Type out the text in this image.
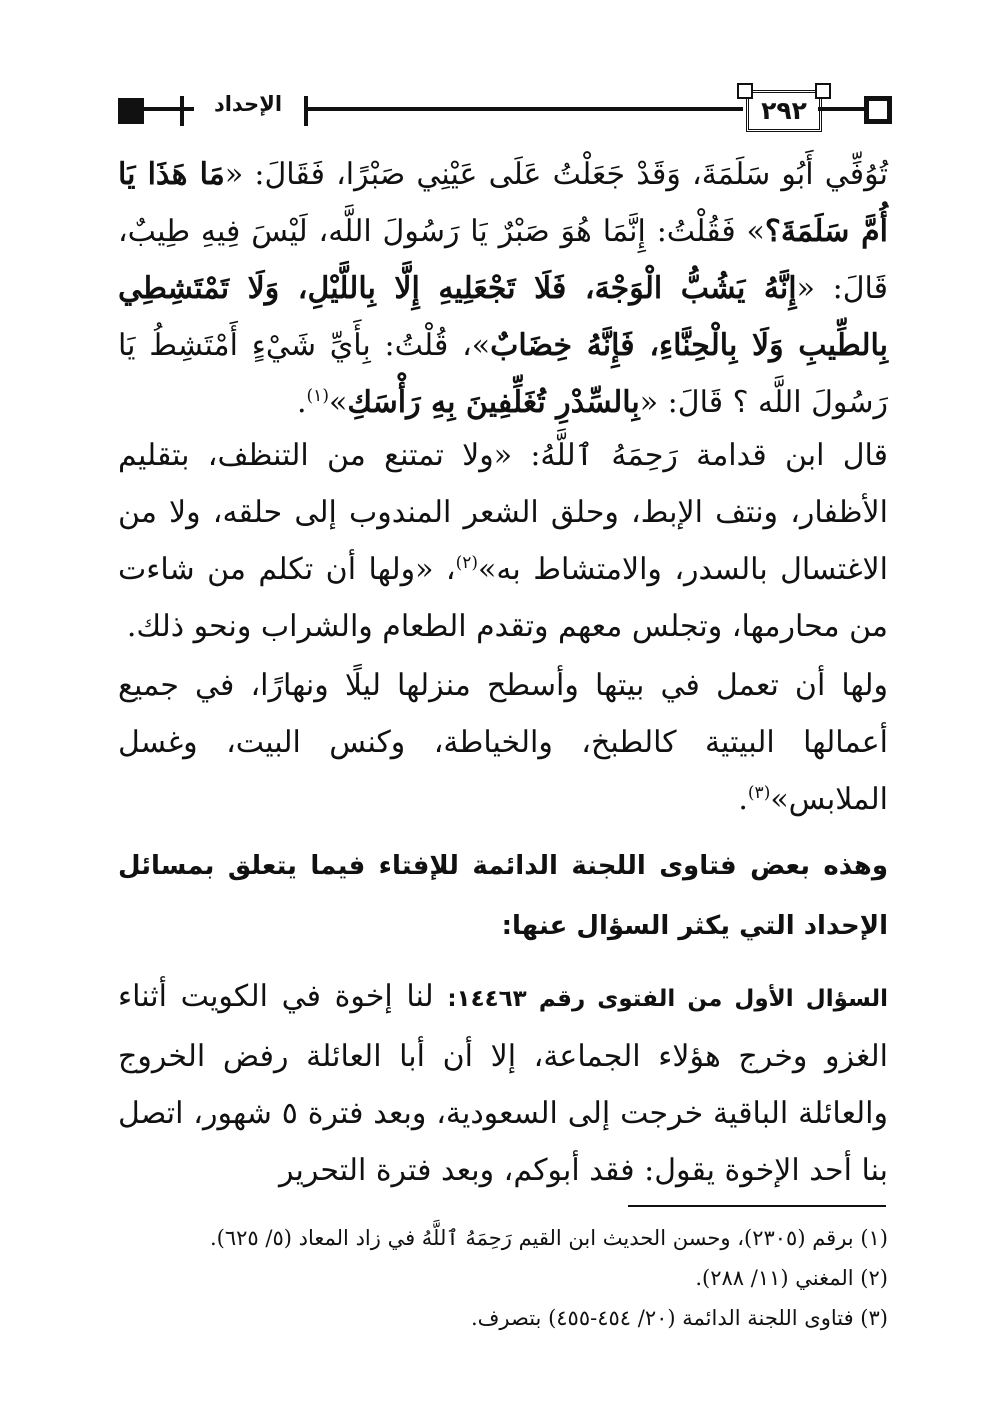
الإحداد	٢٩٢
تُوُفِّي أَبُو سَلَمَةَ، وَقَدْ جَعَلْتُ عَلَى عَيْنِي صَبْرًا، فَقَالَ: «مَا هَذَا يَا أُمَّ سَلَمَةَ؟» فَقُلْتُ: إِنَّمَا هُوَ صَبْرٌ يَا رَسُولَ اللَّه، لَيْسَ فِيهِ طِيبٌ، قَالَ: «إِنَّهُ يَشُبُّ الْوَجْهَ، فَلَا تَجْعَلِيهِ إِلَّا بِاللَّيْلِ، وَلَا تَمْتَشِطِي بِالطِّيبِ وَلَا بِالْحِنَّاءِ، فَإِنَّهُ خِضَابٌ»، قُلْتُ: بِأَيِّ شَيْءٍ أَمْتَشِطُ يَا رَسُولَ اللَّه ؟ قَالَ: «بِالسِّدْرِ تُغَلِّفِينَ بِهِ رَأْسَكِ»$^{(١)}$.
قال ابن قدامة رَحِمَهُ ٱللَّهُ: «ولا تمتنع من التنظف، بتقليم الأظفار، ونتف الإبط، وحلق الشعر المندوب إلى حلقه، ولا من الاغتسال بالسدر، والامتشاط به»$^{(٢)}$، «ولها أن تكلم من شاءت من محارمها، وتجلس معهم وتقدم الطعام والشراب ونحو ذلك.
ولها أن تعمل في بيتها وأسطح منزلها ليلًا ونهارًا، في جميع أعمالها البيتية كالطبخ، والخياطة، وكنس البيت، وغسل الملابس»$^{(٣)}$.
وهذه بعض فتاوى اللجنة الدائمة للإفتاء فيما يتعلق بمسائل الإحداد التي يكثر السؤال عنها:
السؤال الأول من الفتوى رقم ١٤٤٦٣: لنا إخوة في الكويت أثناء الغزو وخرج هؤلاء الجماعة، إلا أن أبا العائلة رفض الخروج والعائلة الباقية خرجت إلى السعودية، وبعد فترة ٥ شهور، اتصل بنا أحد الإخوة يقول: فقد أبوكم، وبعد فترة التحرير
(١) برقم (٢٣٠٥)، وحسن الحديث ابن القيم رَحِمَهُ ٱللَّهُ في زاد المعاد (٥/ ٦٢٥).
(٢) المغني (١١/ ٢٨٨).
(٣) فتاوى اللجنة الدائمة (٢٠/ ٤٥٤-٤٥٥) بتصرف.
